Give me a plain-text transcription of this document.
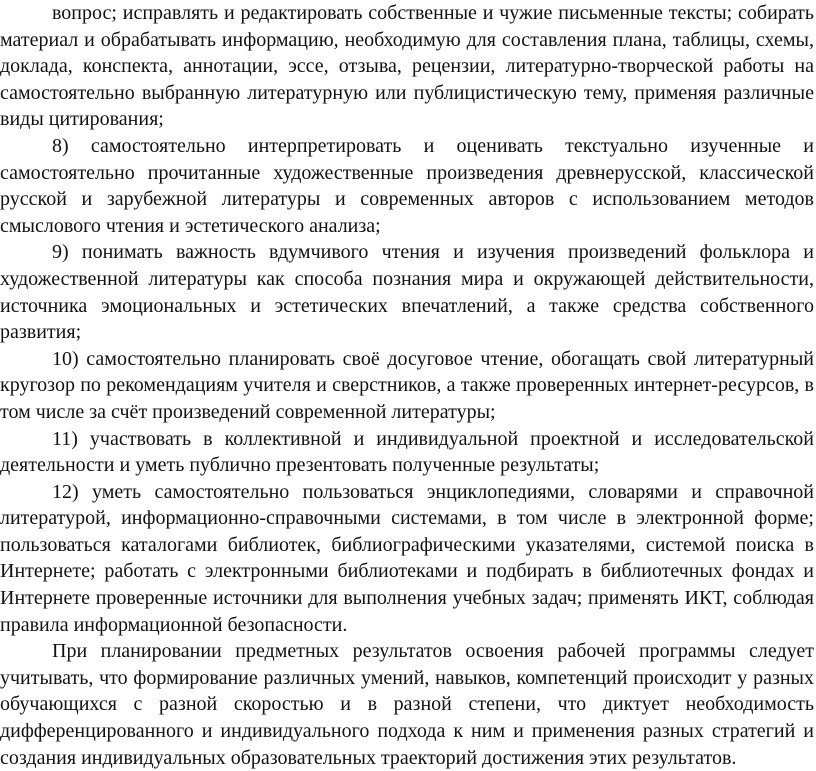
вопрос; исправлять и редактировать собственные и чужие письменные тексты; собирать материал и обрабатывать информацию, необходимую для составления плана, таблицы, схемы, доклада, конспекта, аннотации, эссе, отзыва, рецензии, литературно-творческой работы на самостоятельно выбранную литературную или публицистическую тему, применяя различные виды цитирования;

8) самостоятельно интерпретировать и оценивать текстуально изученные и самостоятельно прочитанные художественные произведения древнерусской, классической русской и зарубежной литературы и современных авторов с использованием методов смыслового чтения и эстетического анализа;

9) понимать важность вдумчивого чтения и изучения произведений фольклора и художественной литературы как способа познания мира и окружающей действительности, источника эмоциональных и эстетических впечатлений, а также средства собственного развития;

10) самостоятельно планировать своё досуговое чтение, обогащать свой литературный кругозор по рекомендациям учителя и сверстников, а также проверенных интернет-ресурсов, в том числе за счёт произведений современной литературы;

11) участвовать в коллективной и индивидуальной проектной и исследовательской деятельности и уметь публично презентовать полученные результаты;

12) уметь самостоятельно пользоваться энциклопедиями, словарями и справочной литературой, информационно-справочными системами, в том числе в электронной форме; пользоваться каталогами библиотек, библиографическими указателями, системой поиска в Интернете; работать с электронными библиотеками и подбирать в библиотечных фондах и Интернете проверенные источники для выполнения учебных задач; применять ИКТ, соблюдая правила информационной безопасности.

При планировании предметных результатов освоения рабочей программы следует учитывать, что формирование различных умений, навыков, компетенций происходит у разных обучающихся с разной скоростью и в разной степени, что диктует необходимость дифференцированного и индивидуального подхода к ним и применения разных стратегий и создания индивидуальных образовательных траекторий достижения этих результатов.
